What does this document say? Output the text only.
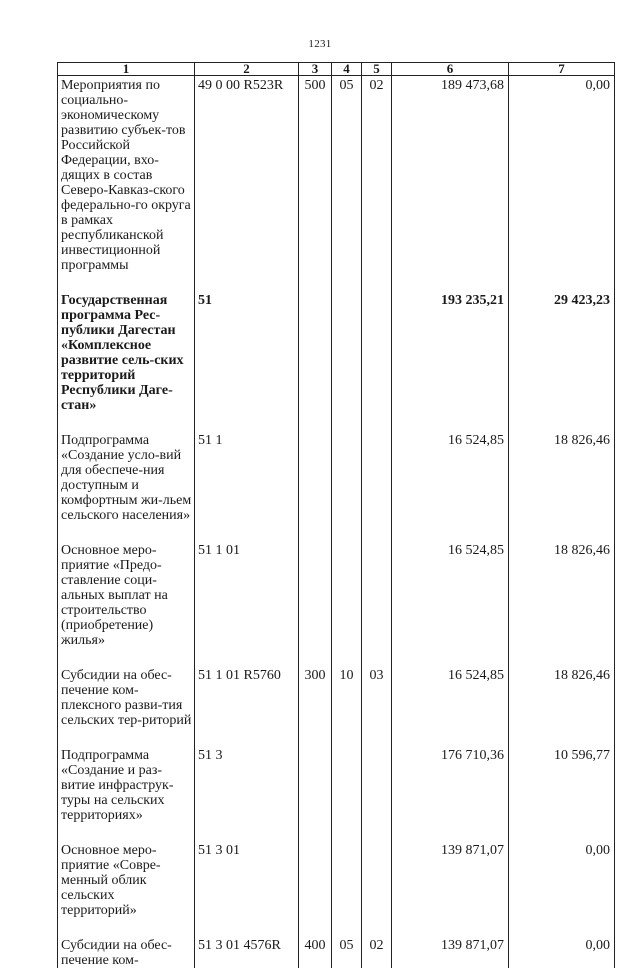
1231
1	2	3	4	5	6	7
Мероприятия по социально-экономическому развитию субъек-тов Российской Федерации, вхо-дящих в состав Северо-Кавказ-ского федерально-го округа в рамках республиканской инвестиционной программы	49 0 00 R523R	500	05	02	189 473,68	0,00
Государственная программа Рес-публики Дагестан «Комплексное развитие сель-ских территорий Республики Даге-стан»	51				193 235,21	29 423,23
Подпрограмма «Создание усло-вий для обеспече-ния доступным и комфортным жи-льем сельского населения»	51 1				16 524,85	18 826,46
Основное меро-приятие «Предо-ставление соци-альных выплат на строительство (приобретение) жилья»	51 1 01				16 524,85	18 826,46
Субсидии на обес-печение ком-плексного разви-тия сельских тер-риторий	51 1 01 R5760	300	10	03	16 524,85	18 826,46
Подпрограмма «Создание и раз-витие инфраструк-туры на сельских территориях»	51 3				176 710,36	10 596,77
Основное меро-приятие «Совре-менный облик сельских территорий»	51 3 01				139 871,07	0,00
Субсидии на обес-печение ком-	51 3 01 4576R	400	05	02	139 871,07	0,00
